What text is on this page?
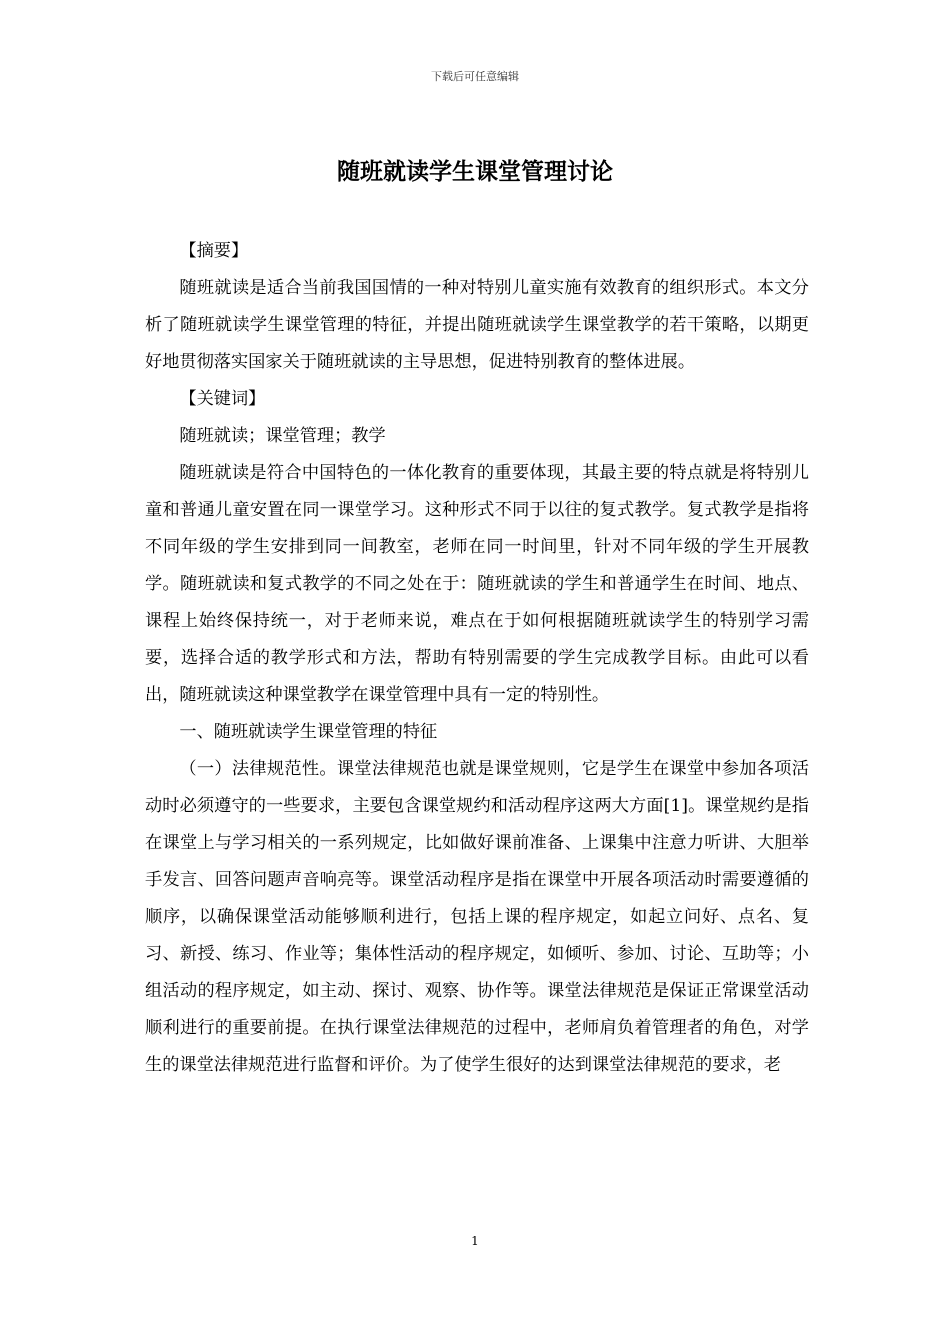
下载后可任意编辑
随班就读学生课堂管理讨论

【摘要】

随班就读是适合当前我国国情的一种对特别儿童实施有效教育的组织形式。本文分析了随班就读学生课堂管理的特征，并提出随班就读学生课堂教学的若干策略，以期更好地贯彻落实国家关于随班就读的主导思想，促进特别教育的整体进展。

【关键词】

随班就读；课堂管理；教学

随班就读是符合中国特色的一体化教育的重要体现，其最主要的特点就是将特别儿童和普通儿童安置在同一课堂学习。这种形式不同于以往的复式教学。复式教学是指将不同年级的学生安排到同一间教室，老师在同一时间里，针对不同年级的学生开展教学。随班就读和复式教学的不同之处在于：随班就读的学生和普通学生在时间、地点、课程上始终保持统一，对于老师来说，难点在于如何根据随班就读学生的特别学习需要，选择合适的教学形式和方法，帮助有特别需要的学生完成教学目标。由此可以看出，随班就读这种课堂教学在课堂管理中具有一定的特别性。

一、随班就读学生课堂管理的特征

（一）法律规范性。课堂法律规范也就是课堂规则，它是学生在课堂中参加各项活动时必须遵守的一些要求，主要包含课堂规约和活动程序这两大方面[1]。课堂规约是指在课堂上与学习相关的一系列规定，比如做好课前准备、上课集中注意力听讲、大胆举手发言、回答问题声音响亮等。课堂活动程序是指在课堂中开展各项活动时需要遵循的顺序，以确保课堂活动能够顺利进行，包括上课的程序规定，如起立问好、点名、复习、新授、练习、作业等；集体性活动的程序规定，如倾听、参加、讨论、互助等；小组活动的程序规定，如主动、探讨、观察、协作等。课堂法律规范是保证正常课堂活动顺利进行的重要前提。在执行课堂法律规范的过程中，老师肩负着管理者的角色，对学生的课堂法律规范进行监督和评价。为了使学生很好的达到课堂法律规范的要求，老

1
